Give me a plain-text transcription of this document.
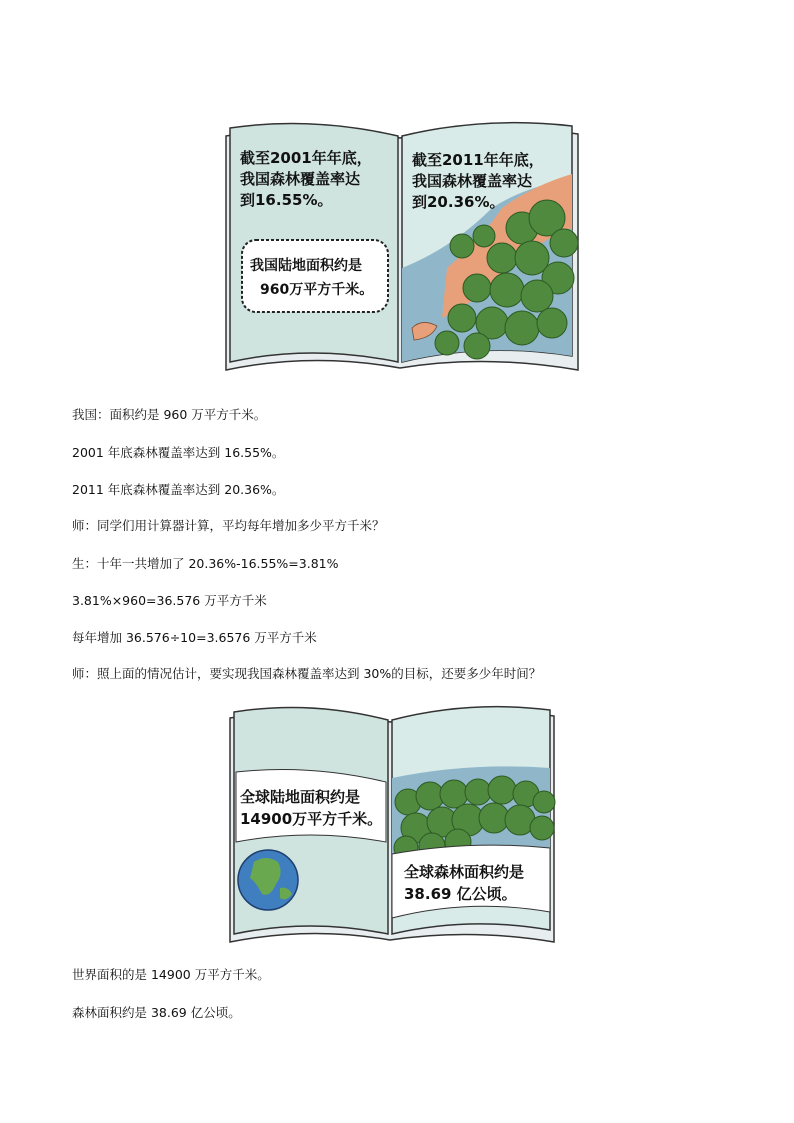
截至2001年年底，
我国森林覆盖率达
到16.55%。
我国陆地面积约是
960万平方千米。
截至2011年年底，
我国森林覆盖率达
到20.36%。
我国：面积约是 960 万平方千米。
2001 年底森林覆盖率达到 16.55%。
2011 年底森林覆盖率达到 20.36%。
师：同学们用计算器计算，平均每年增加多少平方千米？
生：十年一共增加了 20.36%-16.55%=3.81%
3.81%×960=36.576 万平方千米
每年增加 36.576÷10=3.6576 万平方千米
师：照上面的情况估计，要实现我国森林覆盖率达到 30%的目标，还要多少年时间？
全球陆地面积约是
14900万平方千米。
全球森林面积约是
38.69 亿公顷。
世界面积的是 14900 万平方千米。
森林面积约是 38.69 亿公顷。
